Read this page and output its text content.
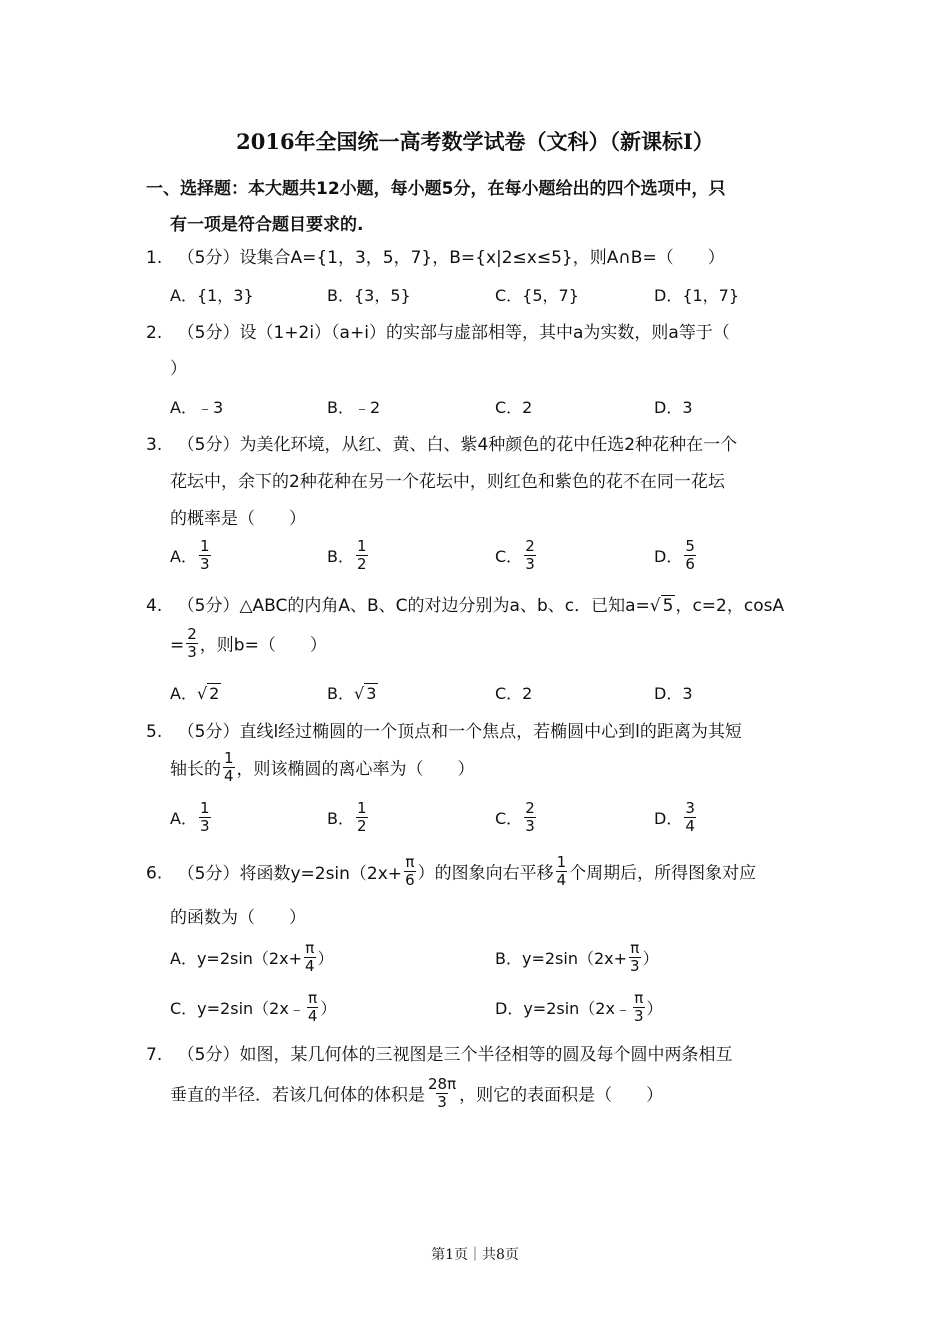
2016年全国统一高考数学试卷（文科）（新课标Ⅰ）
一、选择题：本大题共12小题，每小题5分，在每小题给出的四个选项中，只
有一项是符合题目要求的.
1. （5分）设集合A={1，3，5，7}，B={x|2≤x≤5}，则A∩B=（　　）
A．{1，3}	B．{3，5}	C．{5，7}	D．{1，7}
2. （5分）设（1+2i）（a+i）的实部与虚部相等，其中a为实数，则a等于（
）
A．﹣3	B．﹣2	C．2	D．3
3. （5分）为美化环境，从红、黄、白、紫4种颜色的花中任选2种花种在一个
花坛中，余下的2种花种在另一个花坛中，则红色和紫色的花不在同一花坛
的概率是（　　）
A． $\frac{1}{3}$	B． $\frac{1}{2}$	C． $\frac{2}{3}$	D． $\frac{5}{6}$
4. （5分）△ABC的内角A、B、C的对边分别为a、b、c．已知a=√ 5 ，c=2，cosA
= $\frac{2}{3}$ ，则b=（　　）
A．√ 2	B．√ 3	C．2	D．3
5. （5分）直线l经过椭圆的一个顶点和一个焦点，若椭圆中心到l的距离为其短
轴长的 $\frac{1}{4}$ ，则该椭圆的离心率为（　　）
A． $\frac{1}{3}$	B． $\frac{1}{2}$	C． $\frac{2}{3}$	D． $\frac{3}{4}$
6. （5分）将函数$y=2\sin(2x+ \frac{\pi}{6}$ ）的图象向右平移 $\frac{1}{4}$ 个周期后，所得图象对应
的函数为（　　）
A．$y=2\sin(2x+ \frac{\pi}{4}$ ）	B．$y=2\sin(2x+ \frac{\pi}{3}$ ）
C．y=2sin（2x﹣ $\frac{\pi}{4}$ ）	D．y=2sin（2x﹣ $\frac{\pi}{3}$ ）
7. （5分）如图，某几何体的三视图是三个半径相等的圆及每个圆中两条相互
垂直的半径．若该几何体的体积是 $\frac{28\pi}{3}$ ，则它的表面积是（　　）
第1页｜共8页
